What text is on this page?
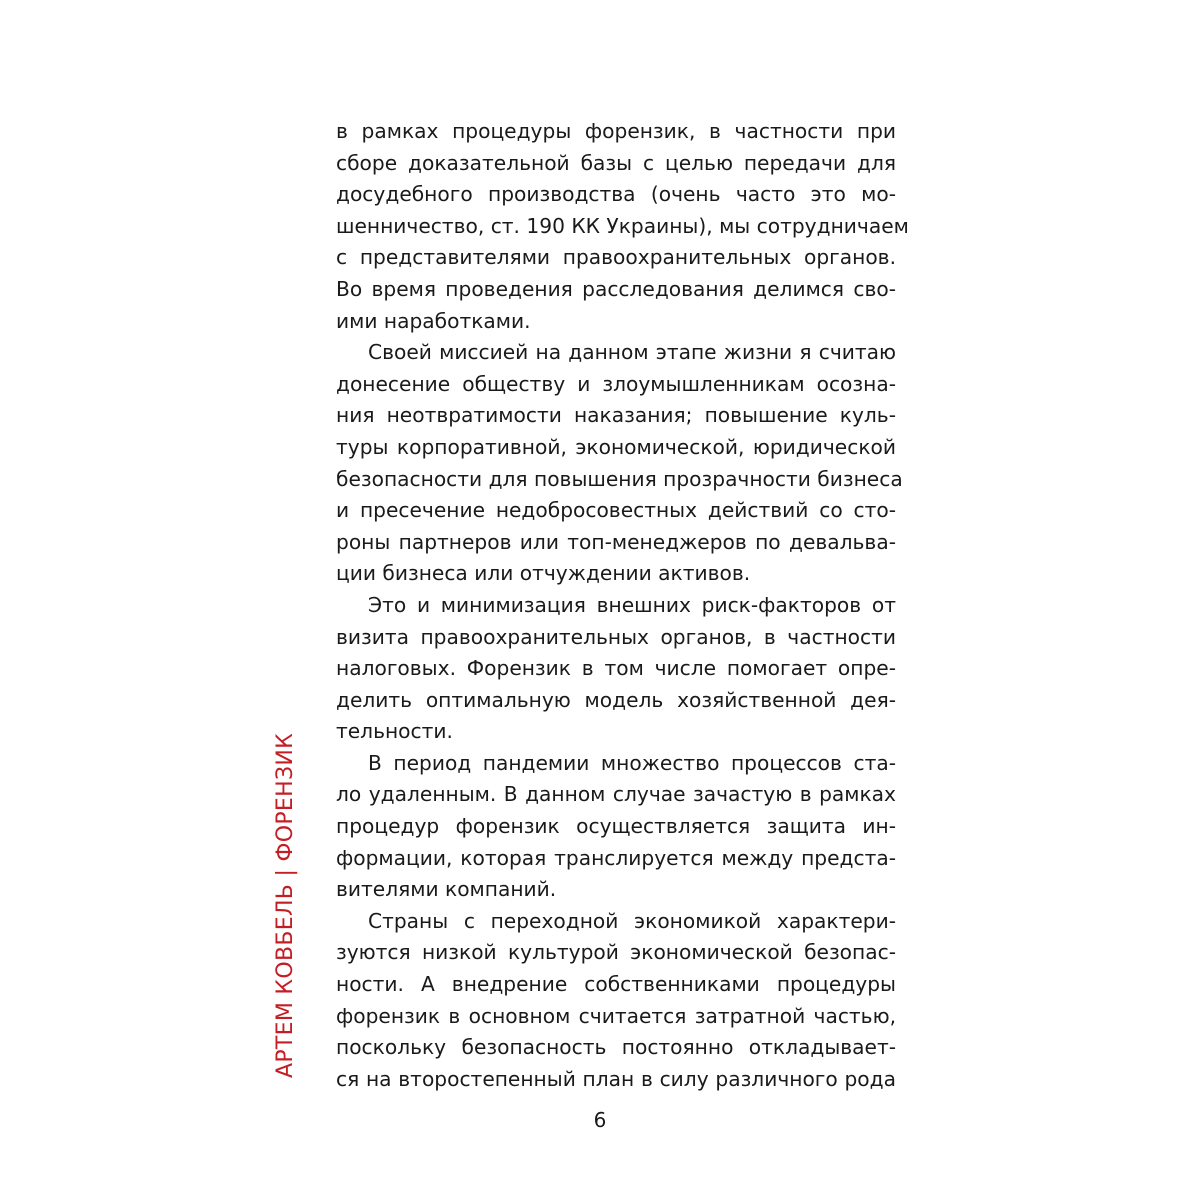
АРТЕМ КОВБЕЛЬ | ФОРЕНЗИК
в рамках процедуры форензик, в частности при
сборе доказательной базы с целью передачи для
досудебного производства (очень часто это мо-
шенничество, ст. 190 КК Украины), мы сотрудничаем
с представителями правоохранительных органов.
Во время проведения расследования делимся сво-
ими наработками.
Своей миссией на данном этапе жизни я считаю
донесение обществу и злоумышленникам осозна-
ния неотвратимости наказания; повышение куль-
туры корпоративной, экономической, юридической
безопасности для повышения прозрачности бизнеса
и пресечение недобросовестных действий со сто-
роны партнеров или топ-менеджеров по девальва-
ции бизнеса или отчуждении активов.
Это и минимизация внешних риск-факторов от
визита правоохранительных органов, в частности
налоговых. Форензик в том числе помогает опре-
делить оптимальную модель хозяйственной дея-
тельности.
В период пандемии множество процессов ста-
ло удаленным. В данном случае зачастую в рамках
процедур форензик осуществляется защита ин-
формации, которая транслируется между предста-
вителями компаний.
Страны с переходной экономикой характери-
зуются низкой культурой экономической безопас-
ности. А внедрение собственниками процедуры
форензик в основном считается затратной частью,
поскольку безопасность постоянно откладывает-
ся на второстепенный план в силу различного рода
6
